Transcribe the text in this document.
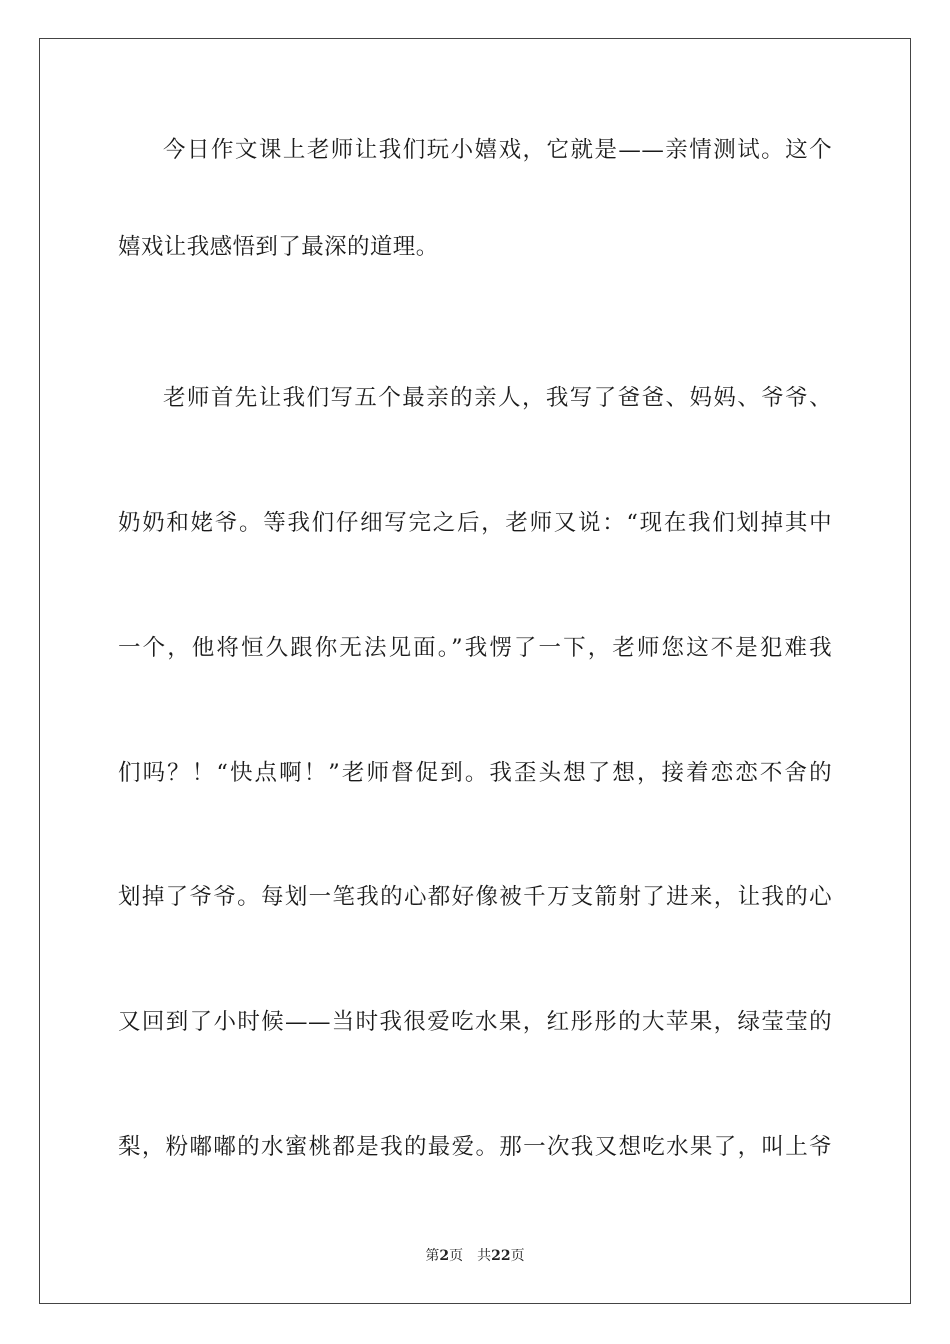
今日作文课上老师让我们玩小嬉戏，它就是——亲情测试。这个
嬉戏让我感悟到了最深的道理。
老师首先让我们写五个最亲的亲人，我写了爸爸、妈妈、爷爷、
奶奶和姥爷。等我们仔细写完之后，老师又说：“现在我们划掉其中
一个，他将恒久跟你无法见面。”我愣了一下，老师您这不是犯难我
们吗？！“快点啊！”老师督促到。我歪头想了想，接着恋恋不舍的
划掉了爷爷。每划一笔我的心都好像被千万支箭射了进来，让我的心
又回到了小时候——当时我很爱吃水果，红彤彤的大苹果，绿莹莹的
梨，粉嘟嘟的水蜜桃都是我的最爱。那一次我又想吃水果了，叫上爷
第2页 共22页
